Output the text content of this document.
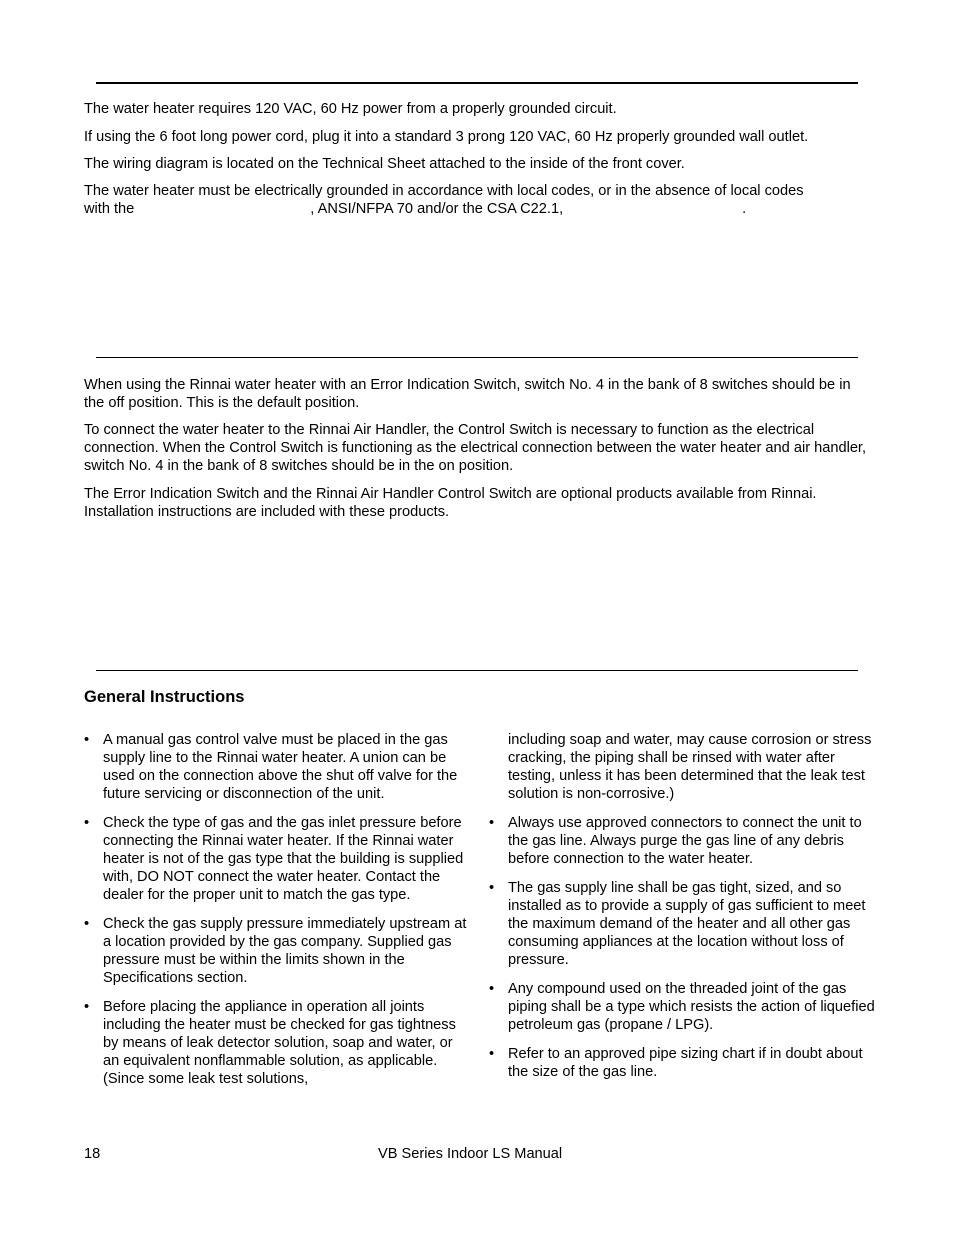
The water heater requires 120 VAC, 60 Hz power from a properly grounded circuit.

If using the 6 foot long power cord, plug it into a standard 3 prong 120 VAC, 60 Hz properly grounded wall outlet.

The wiring diagram is located on the Technical Sheet attached to the inside of the front cover.

The water heater must be electrically grounded in accordance with local codes, or in the absence of local codes
with the	, ANSI/NFPA 70 and/or the CSA C22.1,	.

When using the Rinnai water heater with an Error Indication Switch, switch No. 4 in the bank of 8 switches should be in the off position. This is the default position.

To connect the water heater to the Rinnai Air Handler, the Control Switch is necessary to function as the electrical connection. When the Control Switch is functioning as the electrical connection between the water heater and air handler, switch No. 4 in the bank of 8 switches should be in the on position.

The Error Indication Switch and the Rinnai Air Handler Control Switch are optional products available from Rinnai. Installation instructions are included with these products.

General Instructions
• A manual gas control valve must be placed in the gas supply line to the Rinnai water heater. A union can be used on the connection above the shut off valve for the future servicing or disconnection of the unit.
• Check the type of gas and the gas inlet pressure before connecting the Rinnai water heater. If the Rinnai water heater is not of the gas type that the building is supplied with, DO NOT connect the water heater. Contact the dealer for the proper unit to match the gas type.
• Check the gas supply pressure immediately upstream at a location provided by the gas company. Supplied gas pressure must be within the limits shown in the Specifications section.
• Before placing the appliance in operation all joints including the heater must be checked for gas tightness by means of leak detector solution, soap and water, or an equivalent nonflammable solution, as applicable. (Since some leak test solutions,
including soap and water, may cause corrosion or stress cracking, the piping shall be rinsed with water after testing, unless it has been determined that the leak test solution is non-corrosive.)
• Always use approved connectors to connect the unit to the gas line. Always purge the gas line of any debris before connection to the water heater.
• The gas supply line shall be gas tight, sized, and so installed as to provide a supply of gas sufficient to meet the maximum demand of the heater and all other gas consuming appliances at the location without loss of pressure.
• Any compound used on the threaded joint of the gas piping shall be a type which resists the action of liquefied petroleum gas (propane / LPG).
• Refer to an approved pipe sizing chart if in doubt about the size of the gas line.

18	VB Series Indoor LS Manual
